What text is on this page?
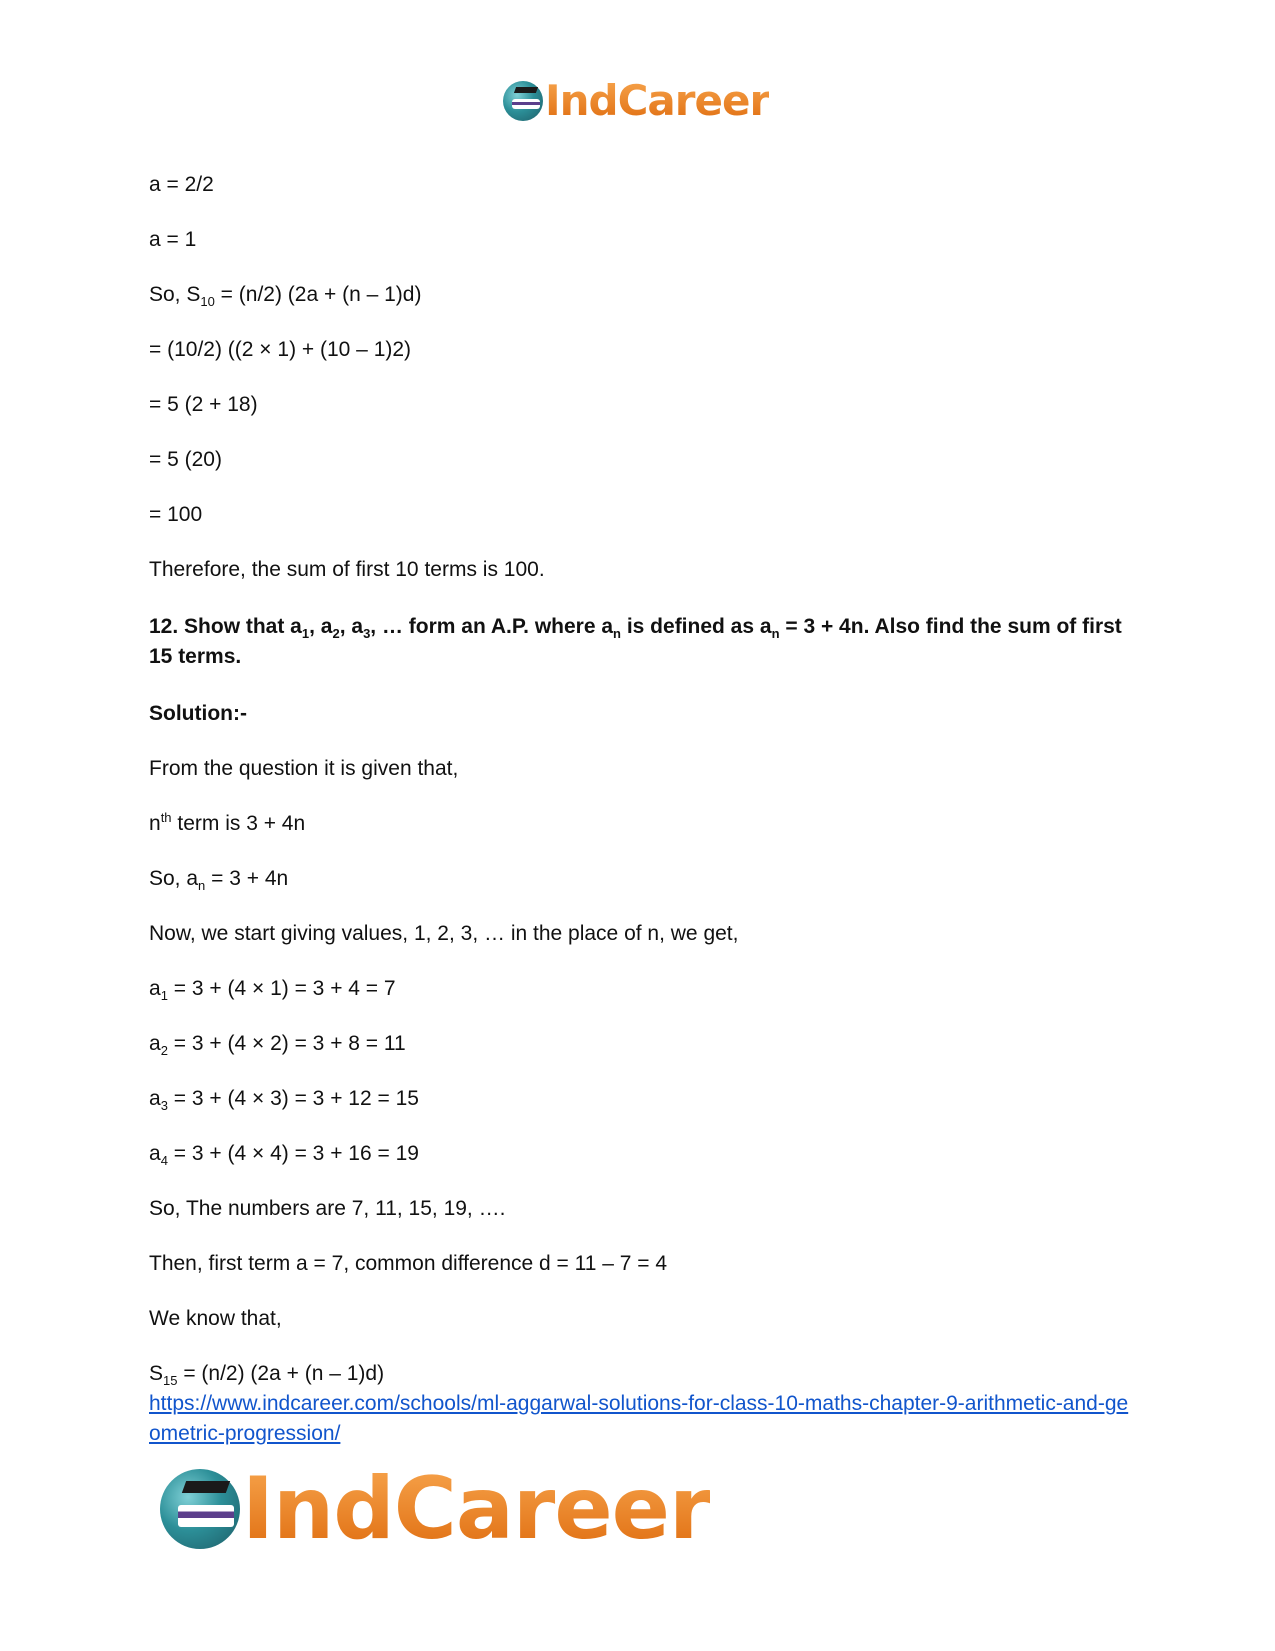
IndCareer

a = 2/2

a = 1

So, $S_{10} = (n/2) (2a + (n - 1)d)$

= (10/2) ((2 × 1) + (10 – 1)2)

= 5 (2 + 18)

= 5 (20)

= 100

Therefore, the sum of first 10 terms is 100.

12. Show that $a_1$, $a_2$, $a_3$, … form an A.P. where $a_n$ is defined as $a_n = 3 + 4n$. Also find the sum of first 15 terms.

Solution:-

From the question it is given that,

$n^{th}$ term is 3 + 4n

So, $a_n = 3 + 4n$

Now, we start giving values, 1, 2, 3, … in the place of n, we get,

$a_1 = 3 + (4 \times 1) = 3 + 4 = 7$

$a_2 = 3 + (4 \times 2) = 3 + 8 = 11$

$a_3 = 3 + (4 \times 3) = 3 + 12 = 15$

$a_4 = 3 + (4 \times 4) = 3 + 16 = 19$

So, The numbers are 7, 11, 15, 19, ….

Then, first term a = 7, common difference d = 11 – 7 = 4

We know that,

$S_{15} = (n/2) (2a + (n - 1)d)$

https://www.indcareer.com/schools/ml-aggarwal-solutions-for-class-10-maths-chapter-9-arithmetic-and-geometric-progression/
IndCareer
